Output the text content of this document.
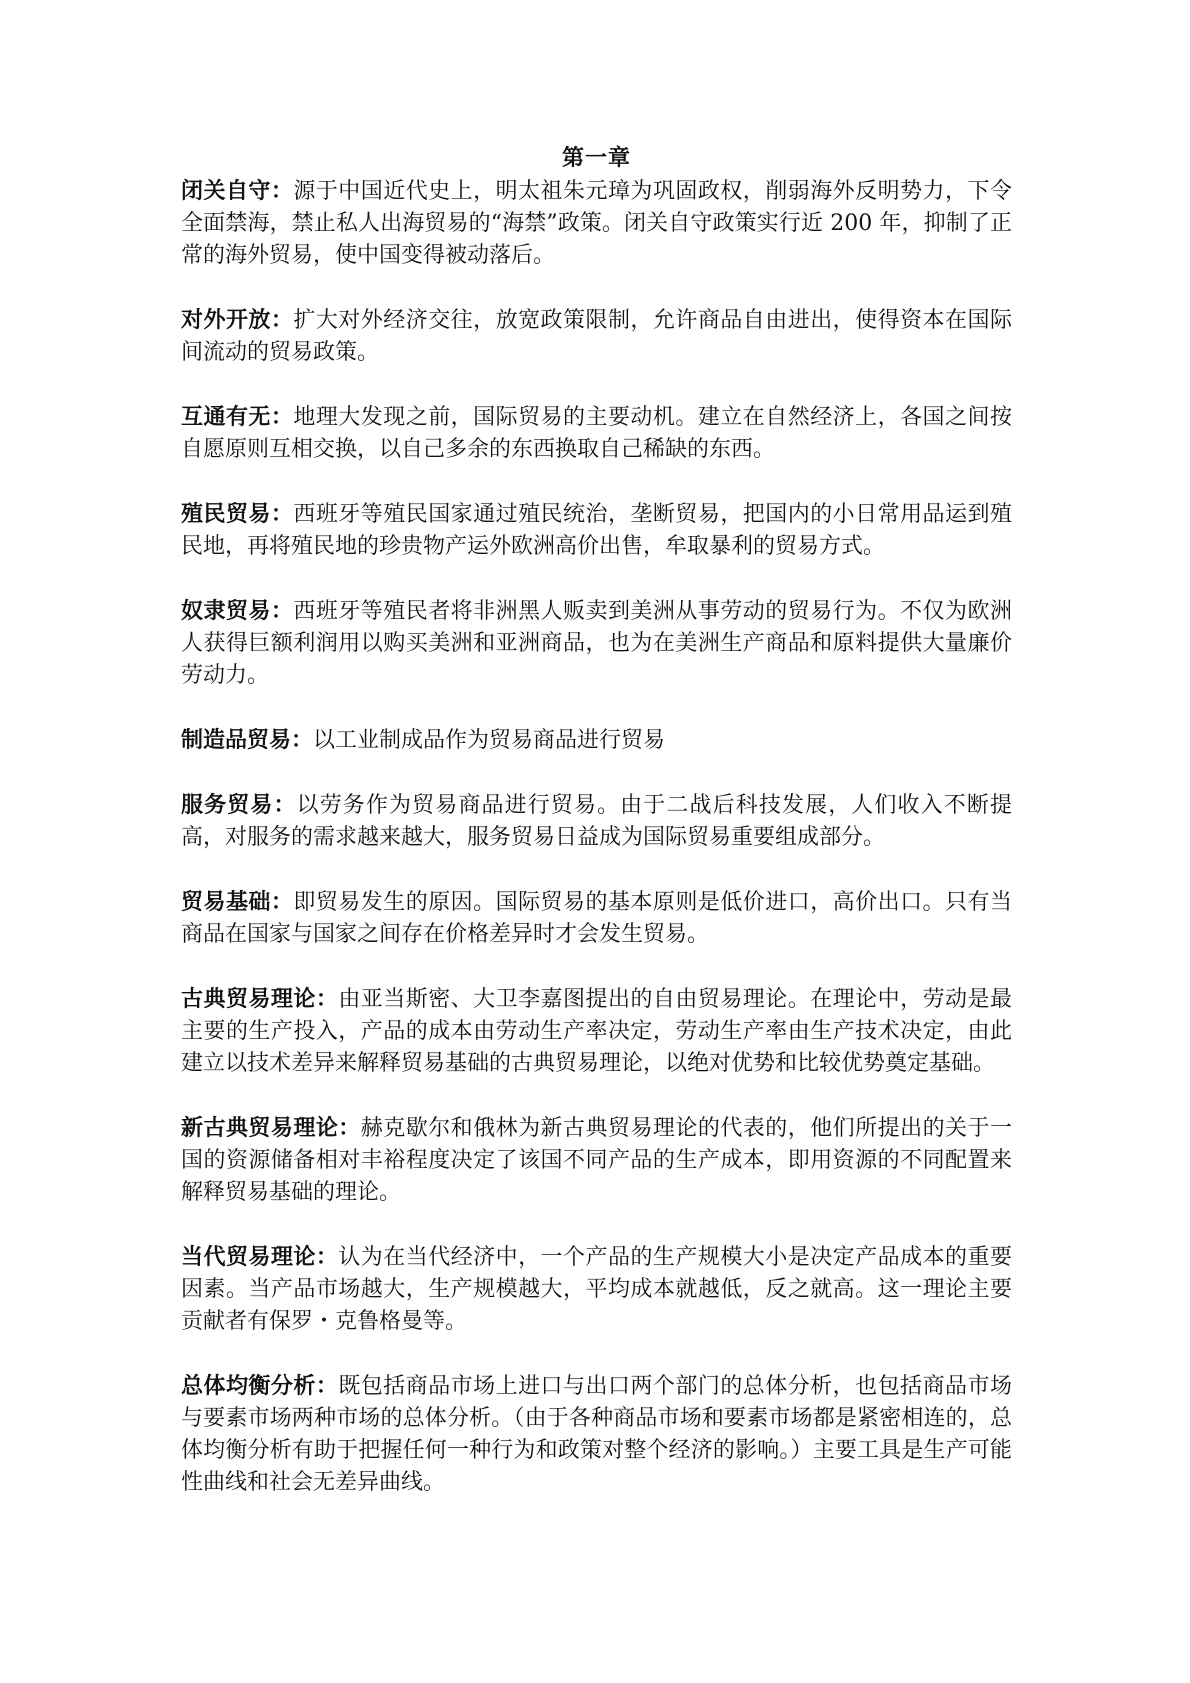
第一章

闭关自守：源于中国近代史上，明太祖朱元璋为巩固政权，削弱海外反明势力，下令全面禁海，禁止私人出海贸易的“海禁”政策。闭关自守政策实行近 200 年，抑制了正常的海外贸易，使中国变得被动落后。

对外开放：扩大对外经济交往，放宽政策限制，允许商品自由进出，使得资本在国际间流动的贸易政策。

互通有无：地理大发现之前，国际贸易的主要动机。建立在自然经济上，各国之间按自愿原则互相交换，以自己多余的东西换取自己稀缺的东西。

殖民贸易：西班牙等殖民国家通过殖民统治，垄断贸易，把国内的小日常用品运到殖民地，再将殖民地的珍贵物产运外欧洲高价出售，牟取暴利的贸易方式。

奴隶贸易：西班牙等殖民者将非洲黑人贩卖到美洲从事劳动的贸易行为。不仅为欧洲人获得巨额利润用以购买美洲和亚洲商品，也为在美洲生产商品和原料提供大量廉价劳动力。

制造品贸易：以工业制成品作为贸易商品进行贸易

服务贸易：以劳务作为贸易商品进行贸易。由于二战后科技发展，人们收入不断提高，对服务的需求越来越大，服务贸易日益成为国际贸易重要组成部分。

贸易基础：即贸易发生的原因。国际贸易的基本原则是低价进口，高价出口。只有当商品在国家与国家之间存在价格差异时才会发生贸易。

古典贸易理论：由亚当斯密、大卫李嘉图提出的自由贸易理论。在理论中，劳动是最主要的生产投入，产品的成本由劳动生产率决定，劳动生产率由生产技术决定，由此建立以技术差异来解释贸易基础的古典贸易理论，以绝对优势和比较优势奠定基础。

新古典贸易理论：赫克歇尔和俄林为新古典贸易理论的代表的，他们所提出的关于一国的资源储备相对丰裕程度决定了该国不同产品的生产成本，即用资源的不同配置来解释贸易基础的理论。

当代贸易理论：认为在当代经济中，一个产品的生产规模大小是决定产品成本的重要因素。当产品市场越大，生产规模越大，平均成本就越低，反之就高。这一理论主要贡献者有保罗・克鲁格曼等。

总体均衡分析：既包括商品市场上进口与出口两个部门的总体分析，也包括商品市场与要素市场两种市场的总体分析。（由于各种商品市场和要素市场都是紧密相连的，总体均衡分析有助于把握任何一种行为和政策对整个经济的影响。）主要工具是生产可能性曲线和社会无差异曲线。
